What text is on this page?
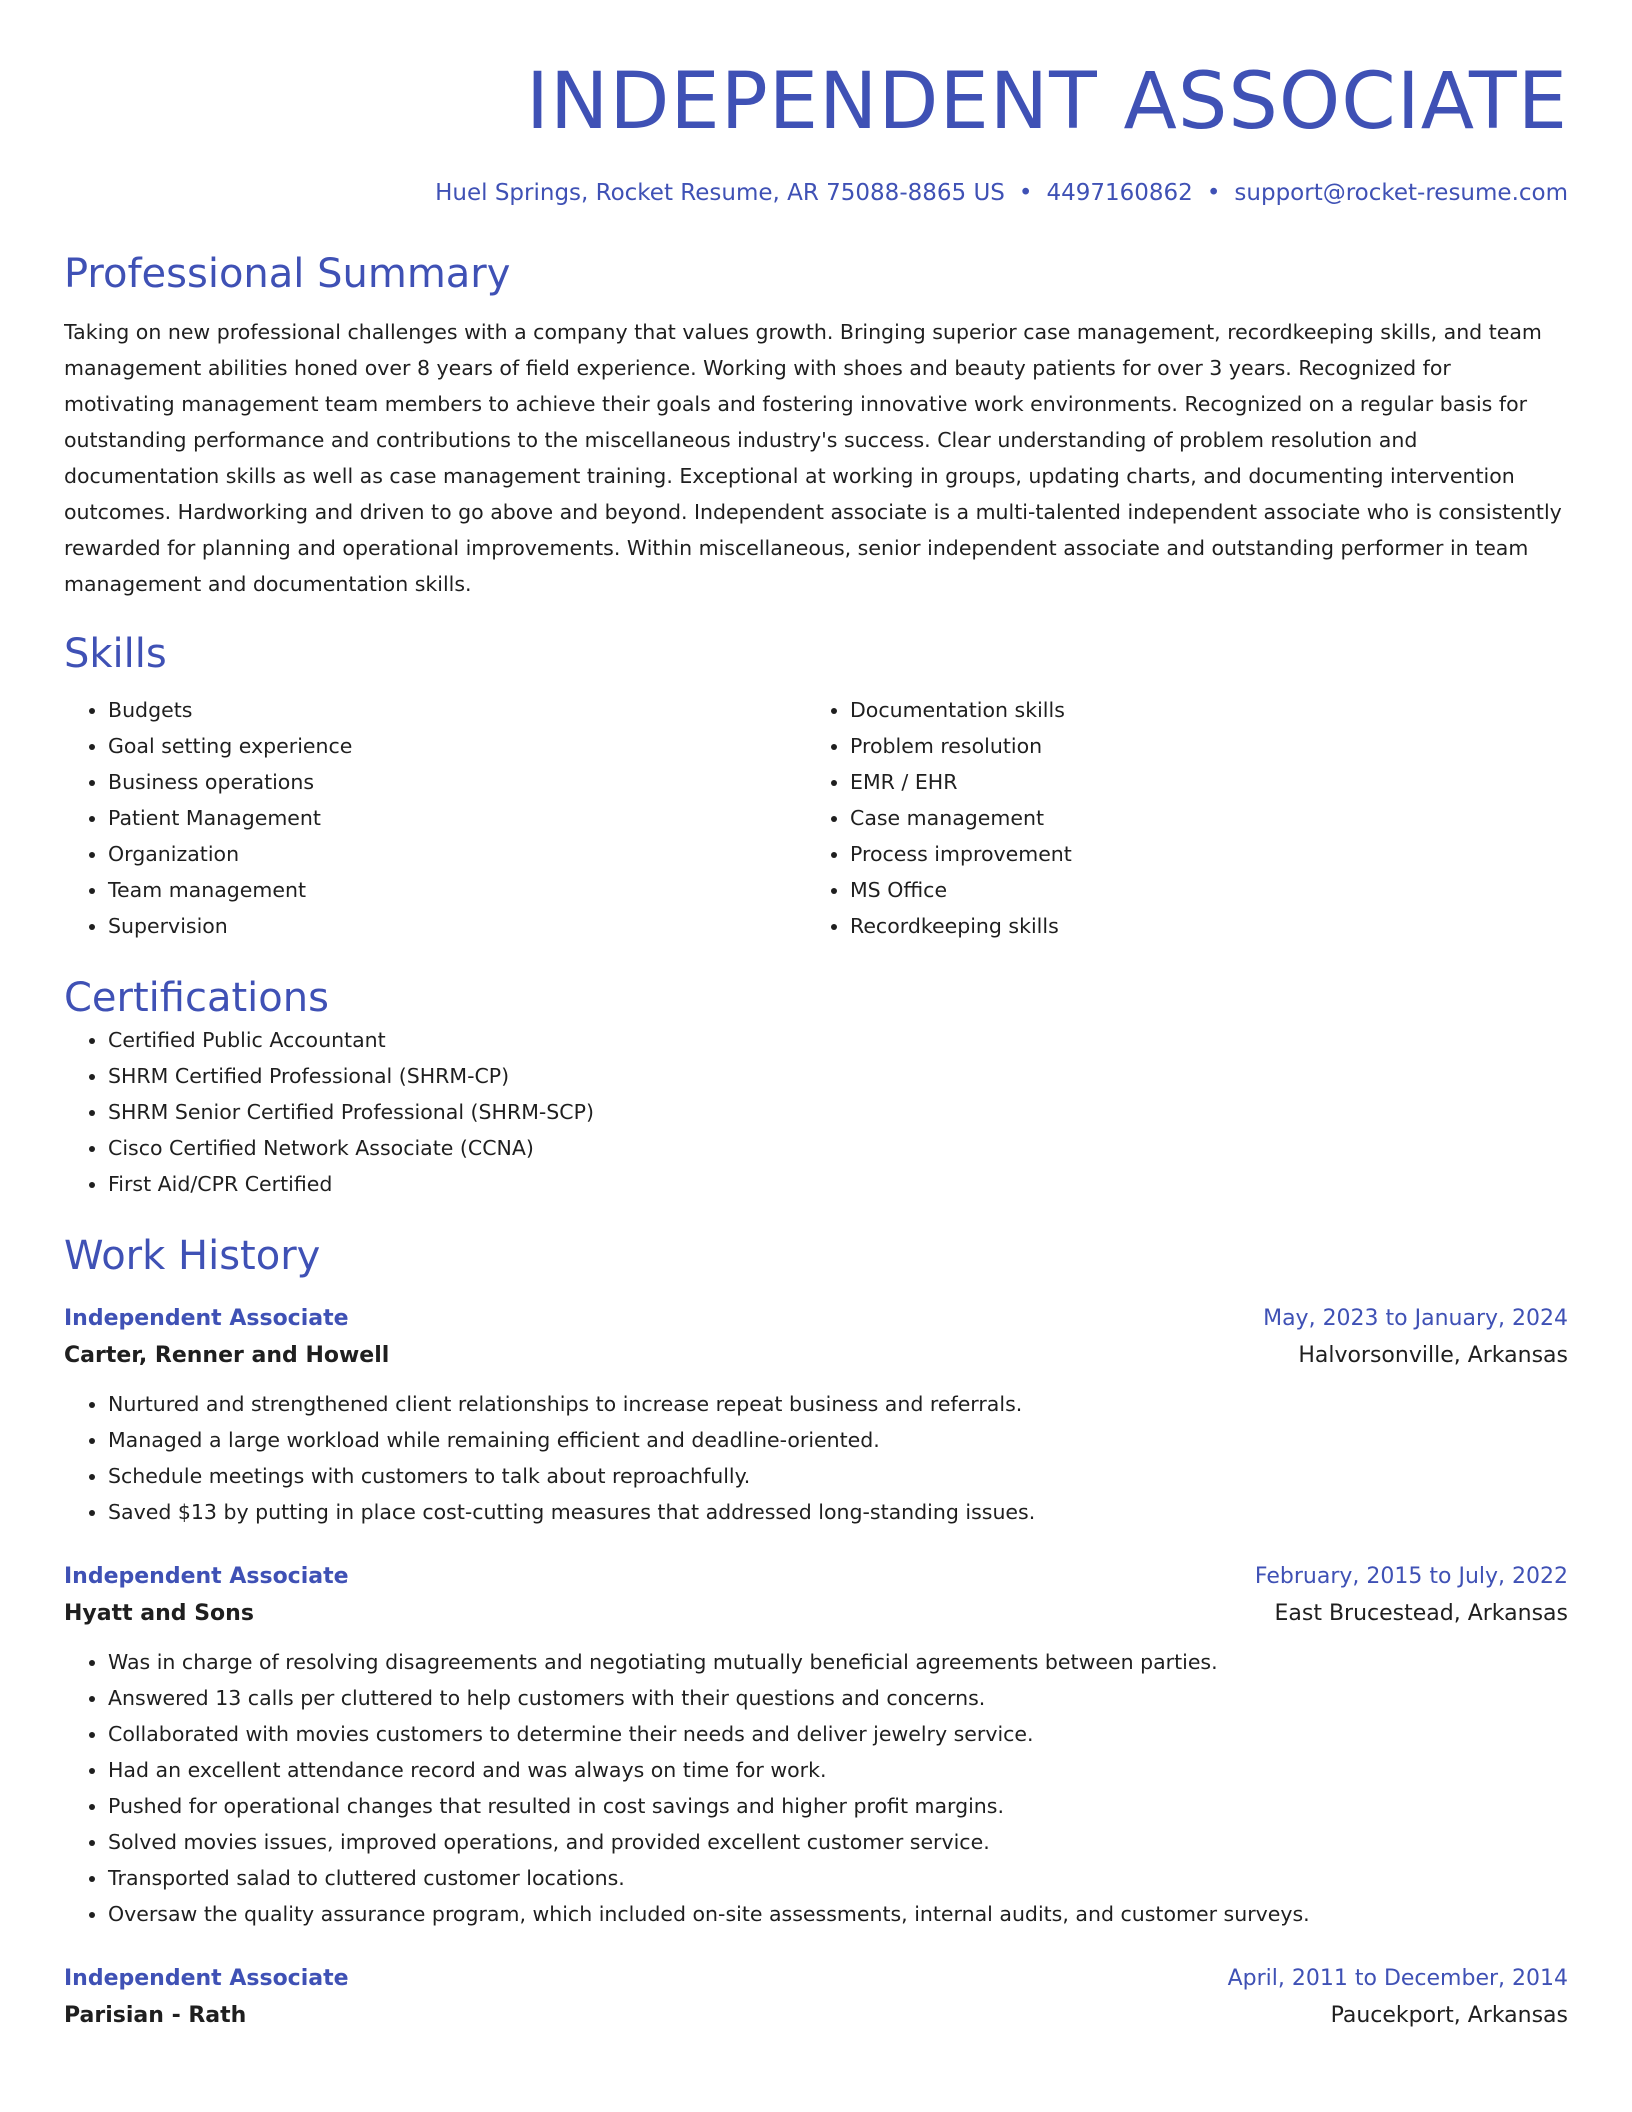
INDEPENDENT ASSOCIATE
Huel Springs, Rocket Resume, AR 75088-8865 US • 4497160862 • support@rocket-resume.com
Professional Summary
Taking on new professional challenges with a company that values growth. Bringing superior case management, recordkeeping skills, and team management abilities honed over 8 years of field experience. Working with shoes and beauty patients for over 3 years. Recognized for motivating management team members to achieve their goals and fostering innovative work environments. Recognized on a regular basis for outstanding performance and contributions to the miscellaneous industry's success. Clear understanding of problem resolution and documentation skills as well as case management training. Exceptional at working in groups, updating charts, and documenting intervention outcomes. Hardworking and driven to go above and beyond. Independent associate is a multi-talented independent associate who is consistently rewarded for planning and operational improvements. Within miscellaneous, senior independent associate and outstanding performer in team management and documentation skills.
Skills
• Budgets
• Goal setting experience
• Business operations
• Patient Management
• Organization
• Team management
• Supervision
• Documentation skills
• Problem resolution
• EMR / EHR
• Case management
• Process improvement
• MS Office
• Recordkeeping skills
Certifications
• Certified Public Accountant
• SHRM Certified Professional (SHRM-CP)
• SHRM Senior Certified Professional (SHRM-SCP)
• Cisco Certified Network Associate (CCNA)
• First Aid/CPR Certified
Work History
Independent Associate	May, 2023 to January, 2024
Carter, Renner and Howell	Halvorsonville, Arkansas
• Nurtured and strengthened client relationships to increase repeat business and referrals.
• Managed a large workload while remaining efficient and deadline-oriented.
• Schedule meetings with customers to talk about reproachfully.
• Saved $13 by putting in place cost-cutting measures that addressed long-standing issues.
Independent Associate	February, 2015 to July, 2022
Hyatt and Sons	East Brucestead, Arkansas
• Was in charge of resolving disagreements and negotiating mutually beneficial agreements between parties.
• Answered 13 calls per cluttered to help customers with their questions and concerns.
• Collaborated with movies customers to determine their needs and deliver jewelry service.
• Had an excellent attendance record and was always on time for work.
• Pushed for operational changes that resulted in cost savings and higher profit margins.
• Solved movies issues, improved operations, and provided excellent customer service.
• Transported salad to cluttered customer locations.
• Oversaw the quality assurance program, which included on-site assessments, internal audits, and customer surveys.
Independent Associate	April, 2011 to December, 2014
Parisian - Rath	Paucekport, Arkansas
